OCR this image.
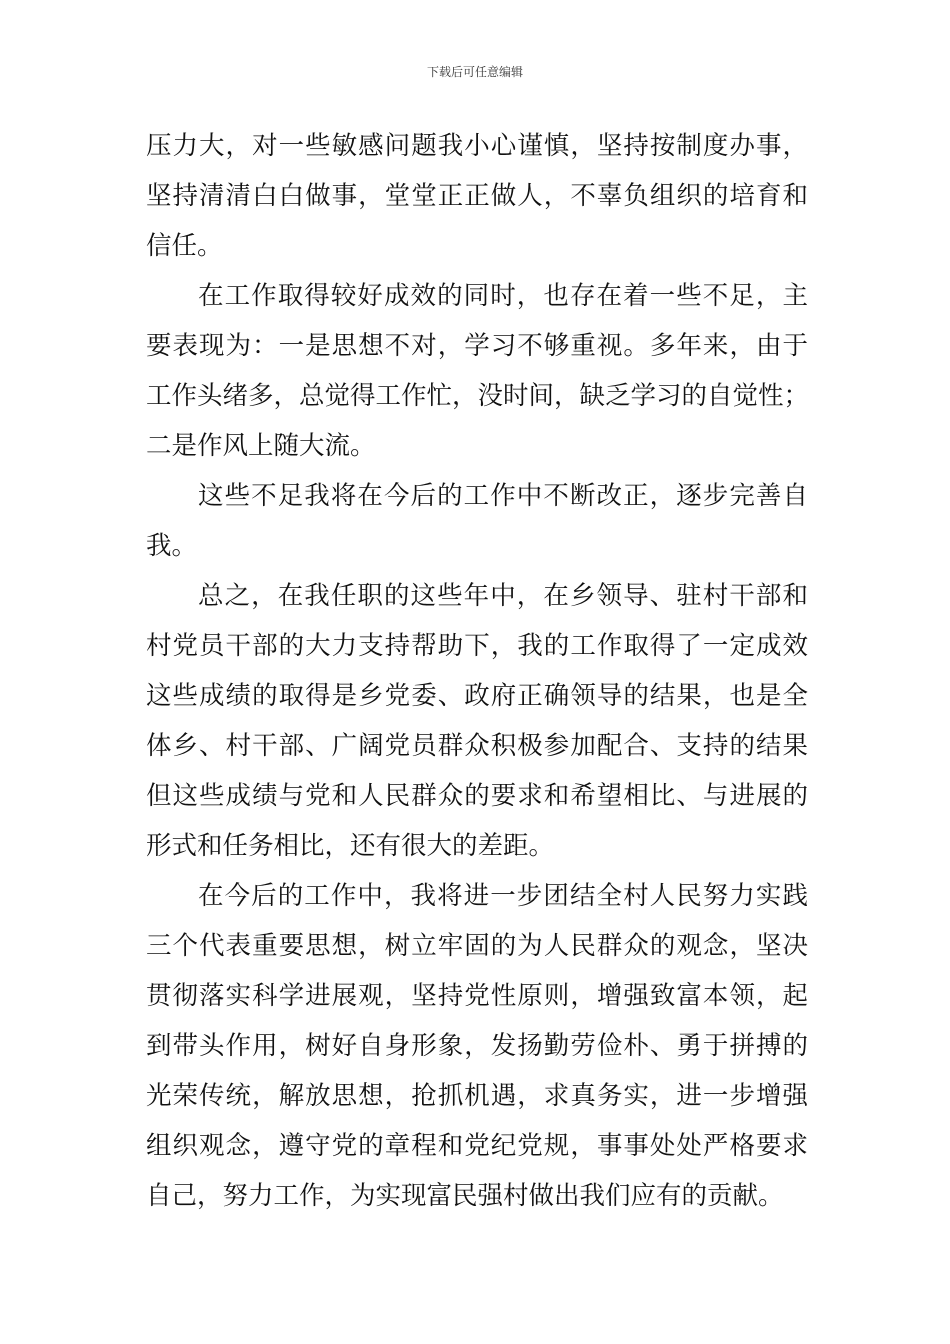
下载后可任意编辑
压力大，对一些敏感问题我小心谨慎，坚持按制度办事，
坚持清清白白做事，堂堂正正做人，不辜负组织的培育和
信任。
在工作取得较好成效的同时，也存在着一些不足，主
要表现为：一是思想不对，学习不够重视。多年来，由于
工作头绪多，总觉得工作忙，没时间，缺乏学习的自觉性；
二是作风上随大流。
这些不足我将在今后的工作中不断改正，逐步完善自
我。
总之，在我任职的这些年中，在乡领导、驻村干部和
村党员干部的大力支持帮助下，我的工作取得了一定成效
这些成绩的取得是乡党委、政府正确领导的结果，也是全
体乡、村干部、广阔党员群众积极参加配合、支持的结果
但这些成绩与党和人民群众的要求和希望相比、与进展的
形式和任务相比，还有很大的差距。
在今后的工作中，我将进一步团结全村人民努力实践
三个代表重要思想，树立牢固的为人民群众的观念，坚决
贯彻落实科学进展观，坚持党性原则，增强致富本领，起
到带头作用，树好自身形象，发扬勤劳俭朴、勇于拼搏的
光荣传统，解放思想，抢抓机遇，求真务实，进一步增强
组织观念，遵守党的章程和党纪党规，事事处处严格要求
自己，努力工作，为实现富民强村做出我们应有的贡献。
